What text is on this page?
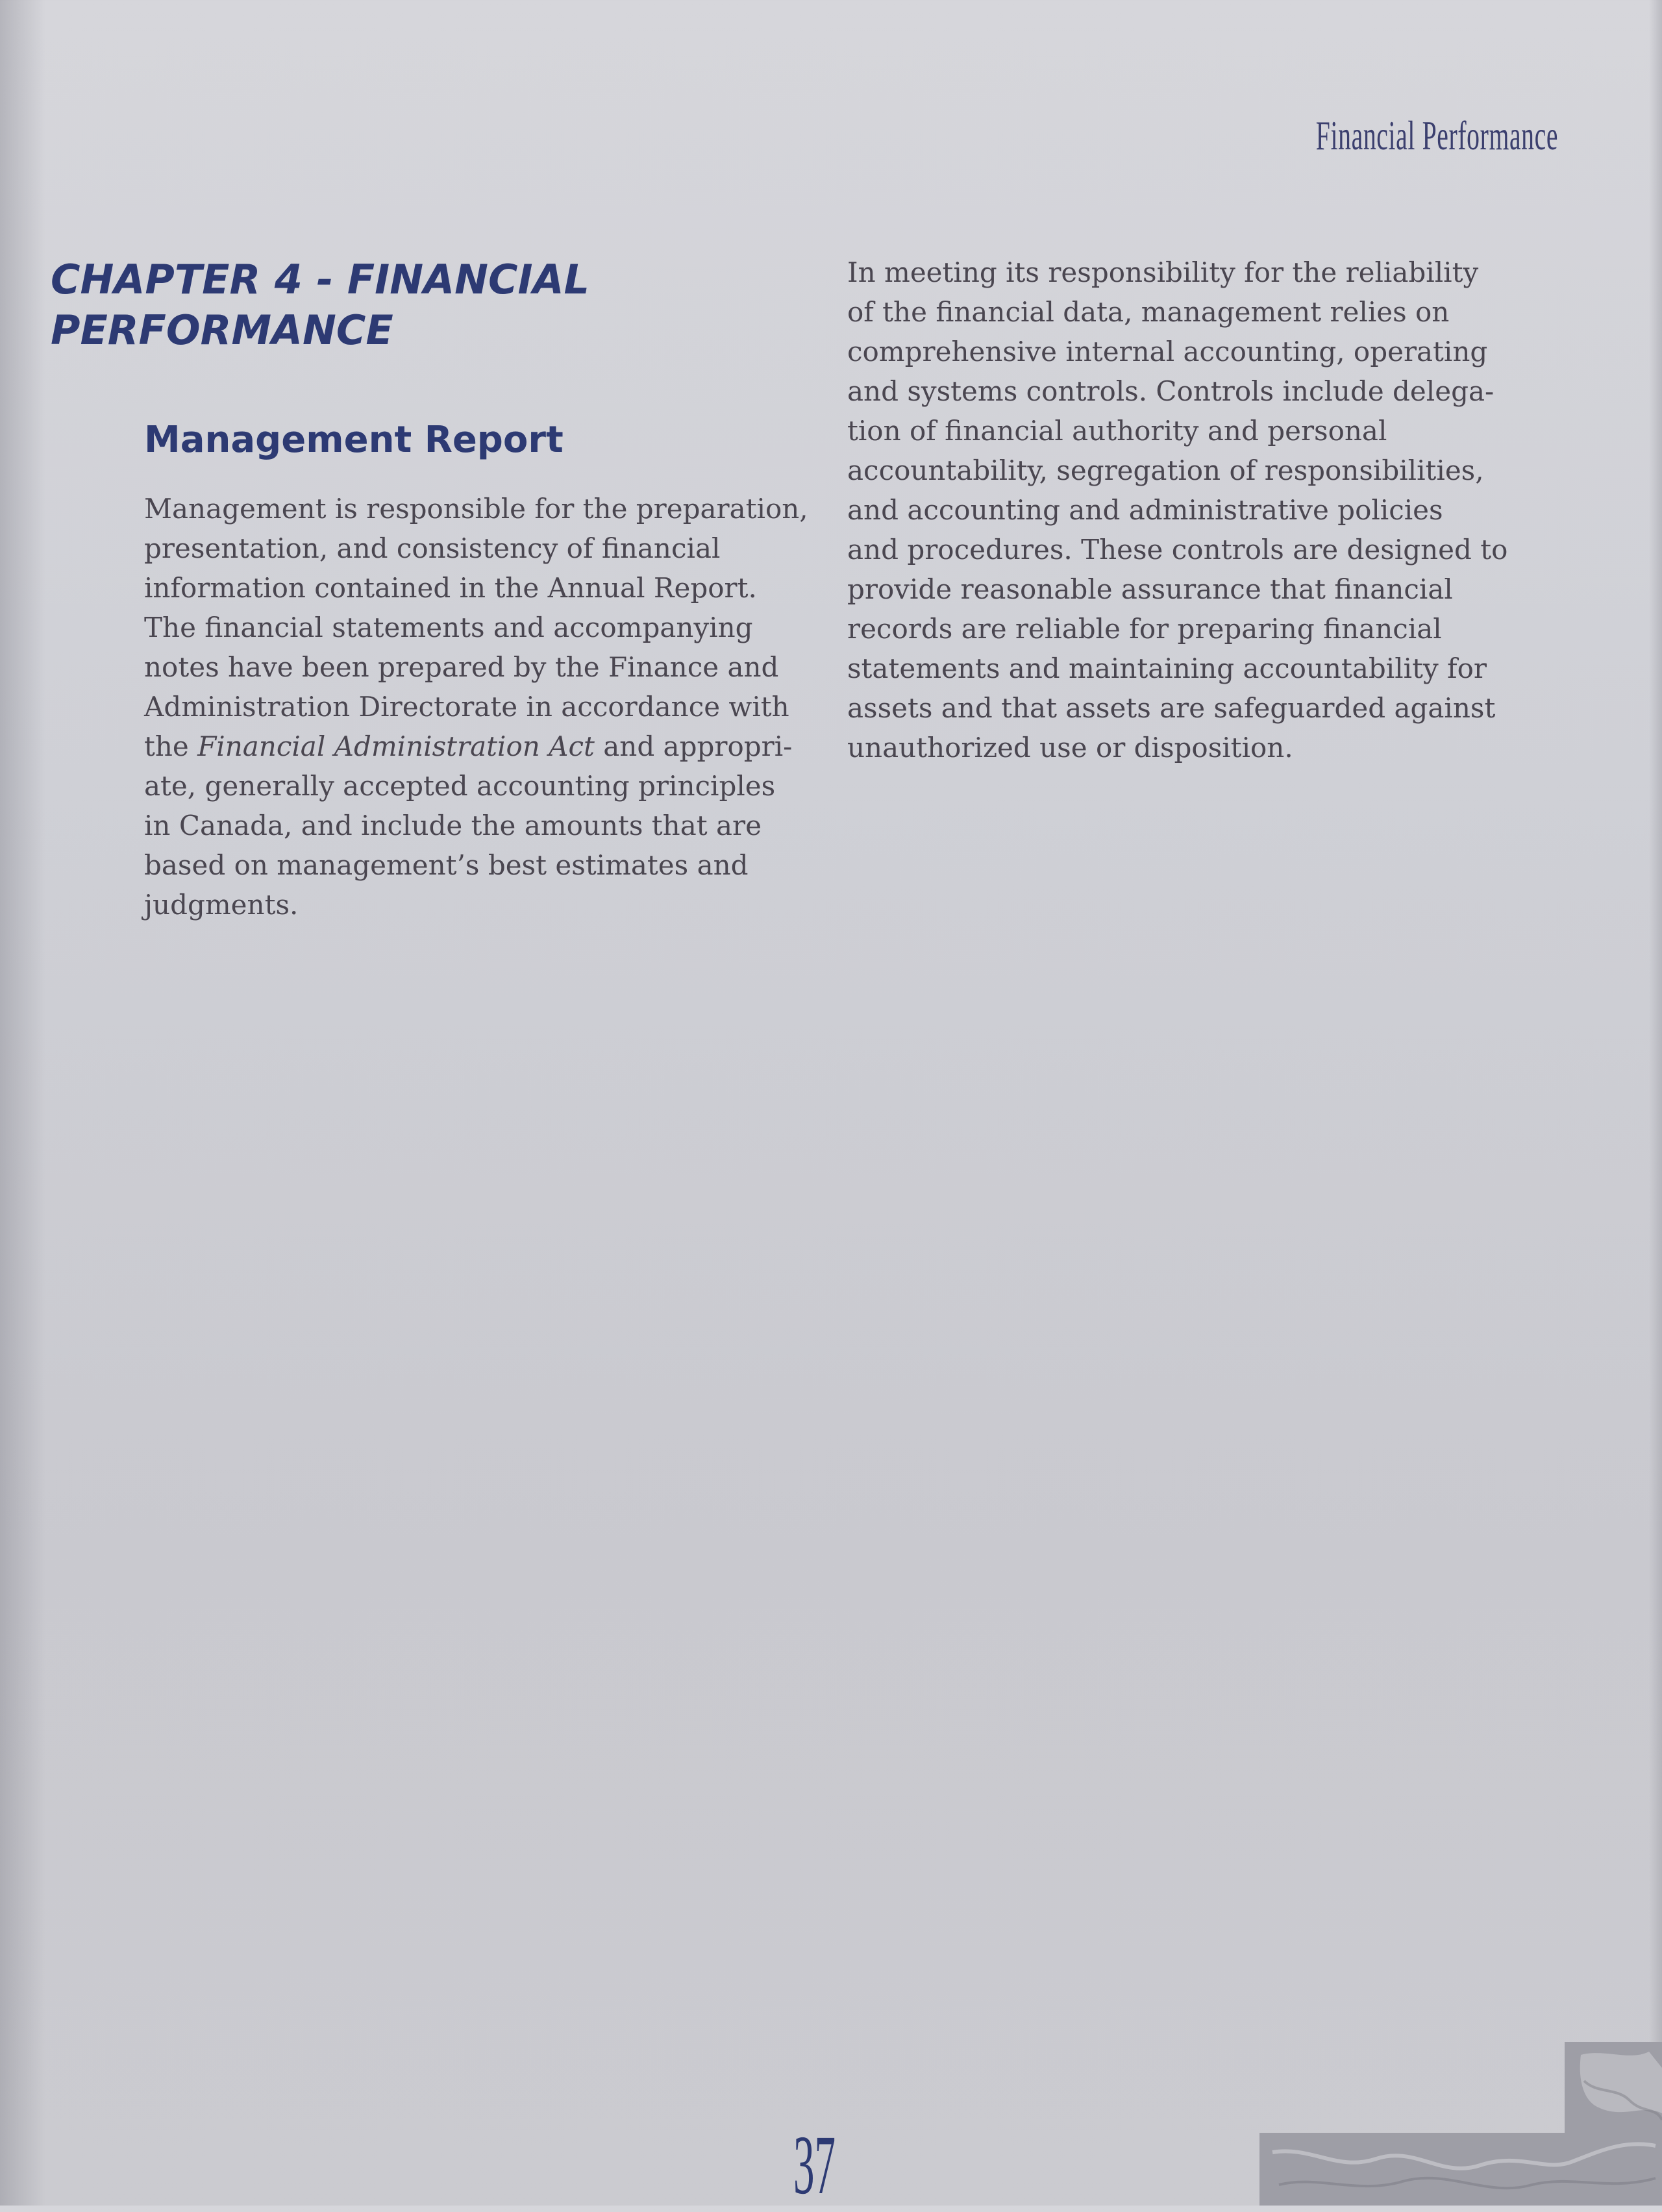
Financial Performance
CHAPTER 4 - FINANCIAL
PERFORMANCE
Management Report
Management is responsible for the preparation,
presentation, and consistency of financial
information contained in the Annual Report.
The financial statements and accompanying
notes have been prepared by the Finance and
Administration Directorate in accordance with
the Financial Administration Act and appropri-
ate, generally accepted accounting principles
in Canada, and include the amounts that are
based on management’s best estimates and
judgments.
In meeting its responsibility for the reliability
of the financial data, management relies on
comprehensive internal accounting, operating
and systems controls. Controls include delega-
tion of financial authority and personal
accountability, segregation of responsibilities,
and accounting and administrative policies
and procedures. These controls are designed to
provide reasonable assurance that financial
records are reliable for preparing financial
statements and maintaining accountability for
assets and that assets are safeguarded against
unauthorized use or disposition.
37
